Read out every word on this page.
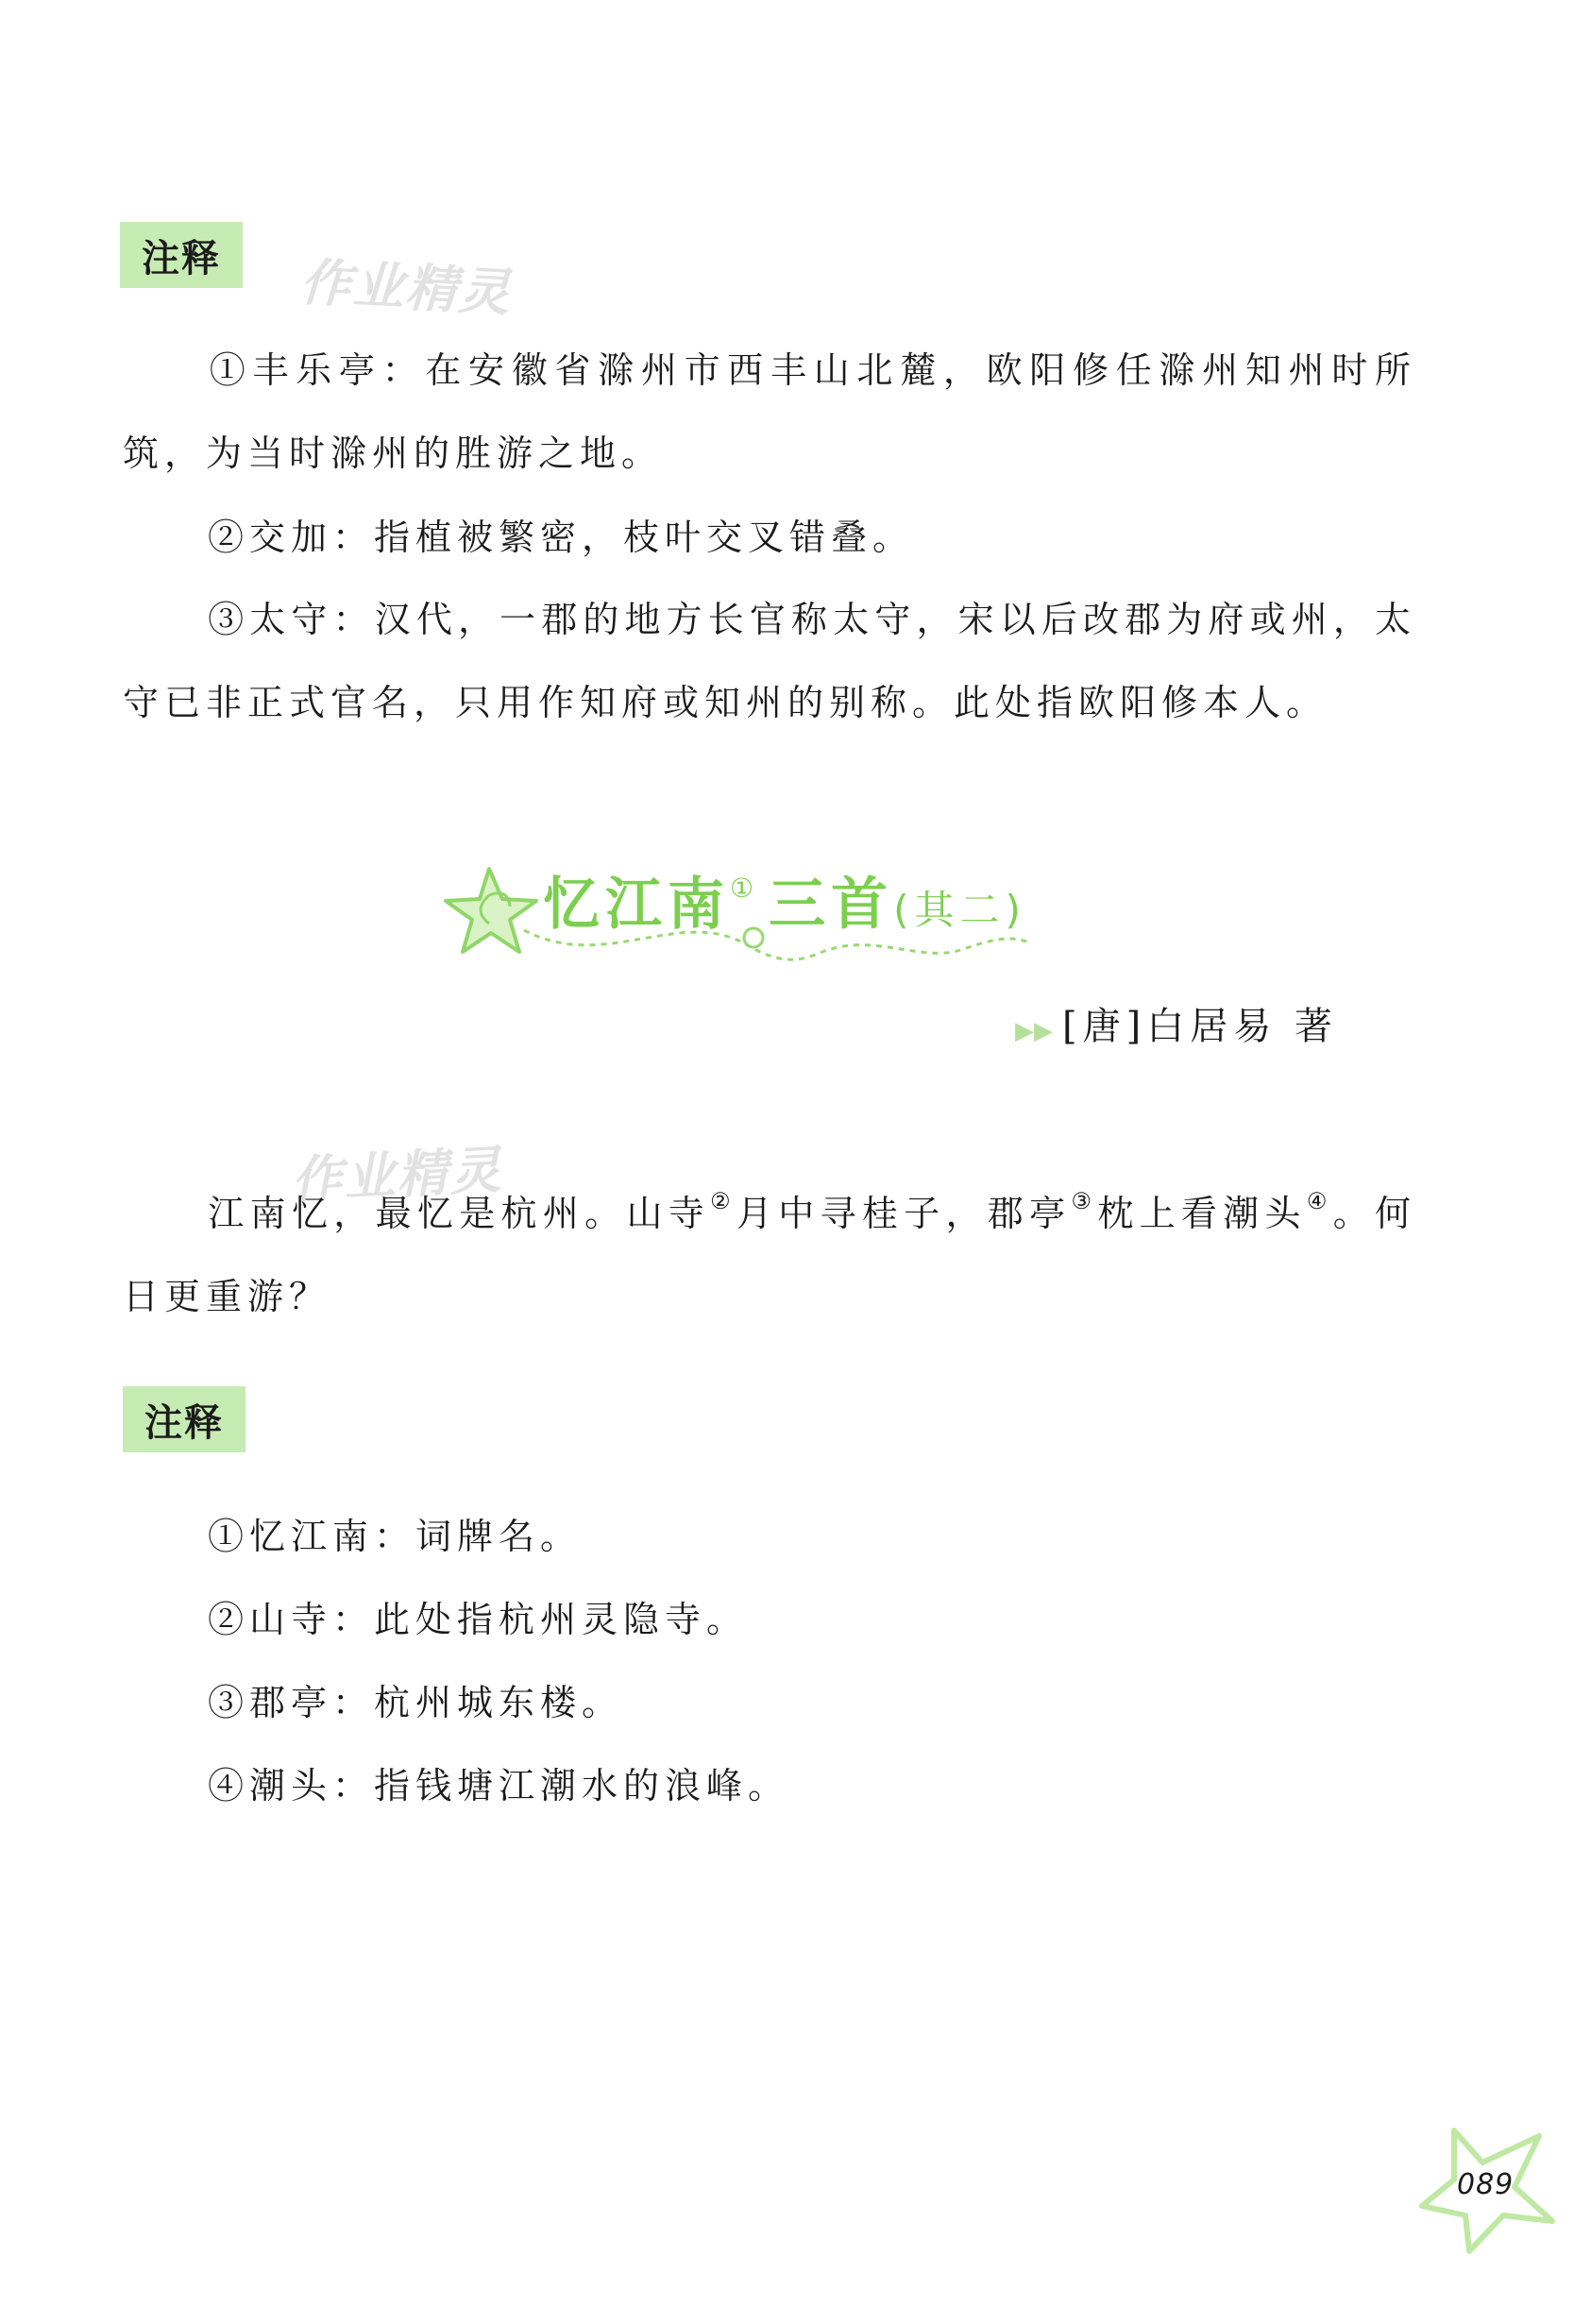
注释	作业精灵
①丰乐亭：在安徽省滁州市西丰山北麓，欧阳修任滁州知州时所筑，为当时滁州的胜游之地。
②交加：指植被繁密，枝叶交叉错叠。
③太守：汉代，一郡的地方长官称太守，宋以后改郡为府或州，太守已非正式官名，只用作知府或知州的别称。此处指欧阳修本人。
忆江南① 三首(其二)
▶▶ [唐]白居易 著
作业精灵
江南忆，最忆是杭州。山寺②月中寻桂子，郡亭③枕上看潮头④。何日更重游？
注释
①忆江南：词牌名。
②山寺：此处指杭州灵隐寺。
③郡亭：杭州城东楼。
④潮头：指钱塘江潮水的浪峰。
089
